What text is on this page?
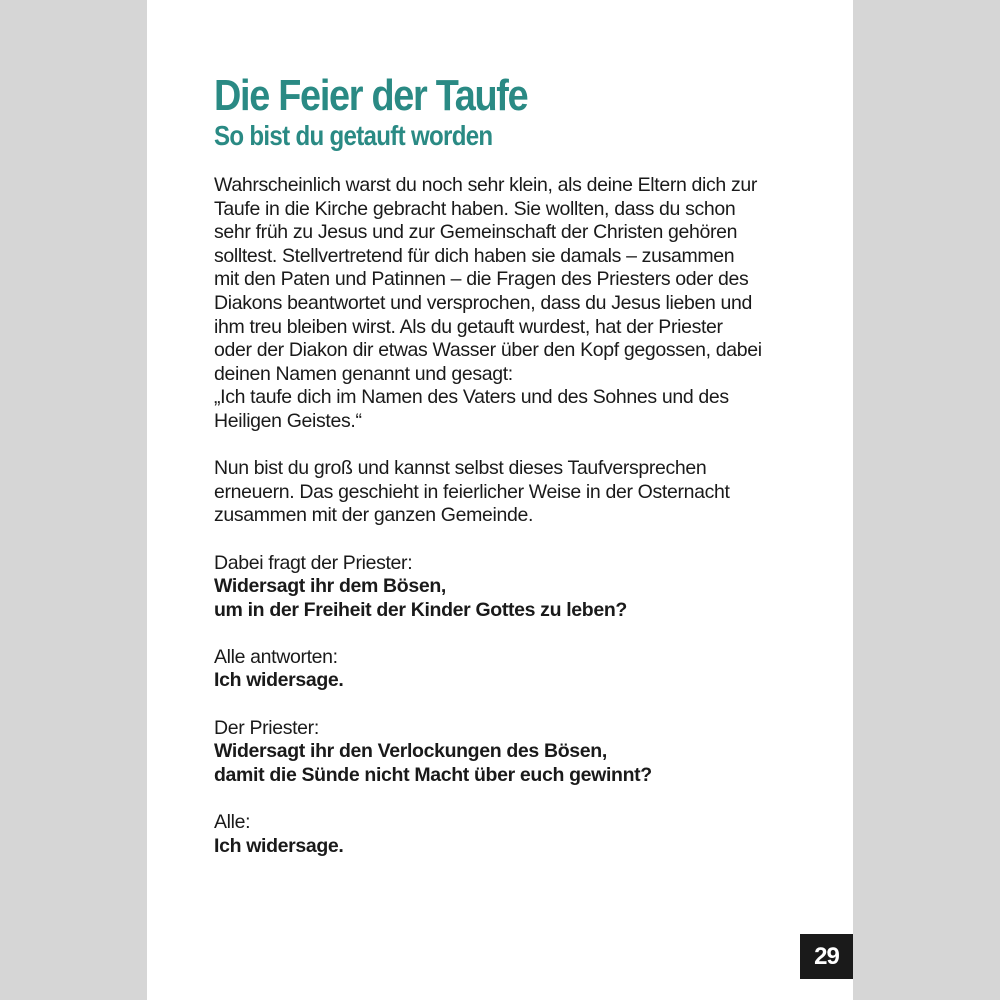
Die Feier der Taufe
So bist du getauft worden

Wahrscheinlich warst du noch sehr klein, als deine Eltern dich zur
Taufe in die Kirche gebracht haben. Sie wollten, dass du schon
sehr früh zu Jesus und zur Gemeinschaft der Christen gehören
solltest. Stellvertretend für dich haben sie damals – zusammen
mit den Paten und Patinnen – die Fragen des Priesters oder des
Diakons beantwortet und versprochen, dass du Jesus lieben und
ihm treu bleiben wirst. Als du getauft wurdest, hat der Priester
oder der Diakon dir etwas Wasser über den Kopf gegossen, dabei
deinen Namen genannt und gesagt:
„Ich taufe dich im Namen des Vaters und des Sohnes und des
Heiligen Geistes.“

Nun bist du groß und kannst selbst dieses Taufversprechen
erneuern. Das geschieht in feierlicher Weise in der Osternacht
zusammen mit der ganzen Gemeinde.

Dabei fragt der Priester:
Widersagt ihr dem Bösen,
um in der Freiheit der Kinder Gottes zu leben?

Alle antworten:
Ich widersage.

Der Priester:
Widersagt ihr den Verlockungen des Bösen,
damit die Sünde nicht Macht über euch gewinnt?

Alle:
Ich widersage.

29
